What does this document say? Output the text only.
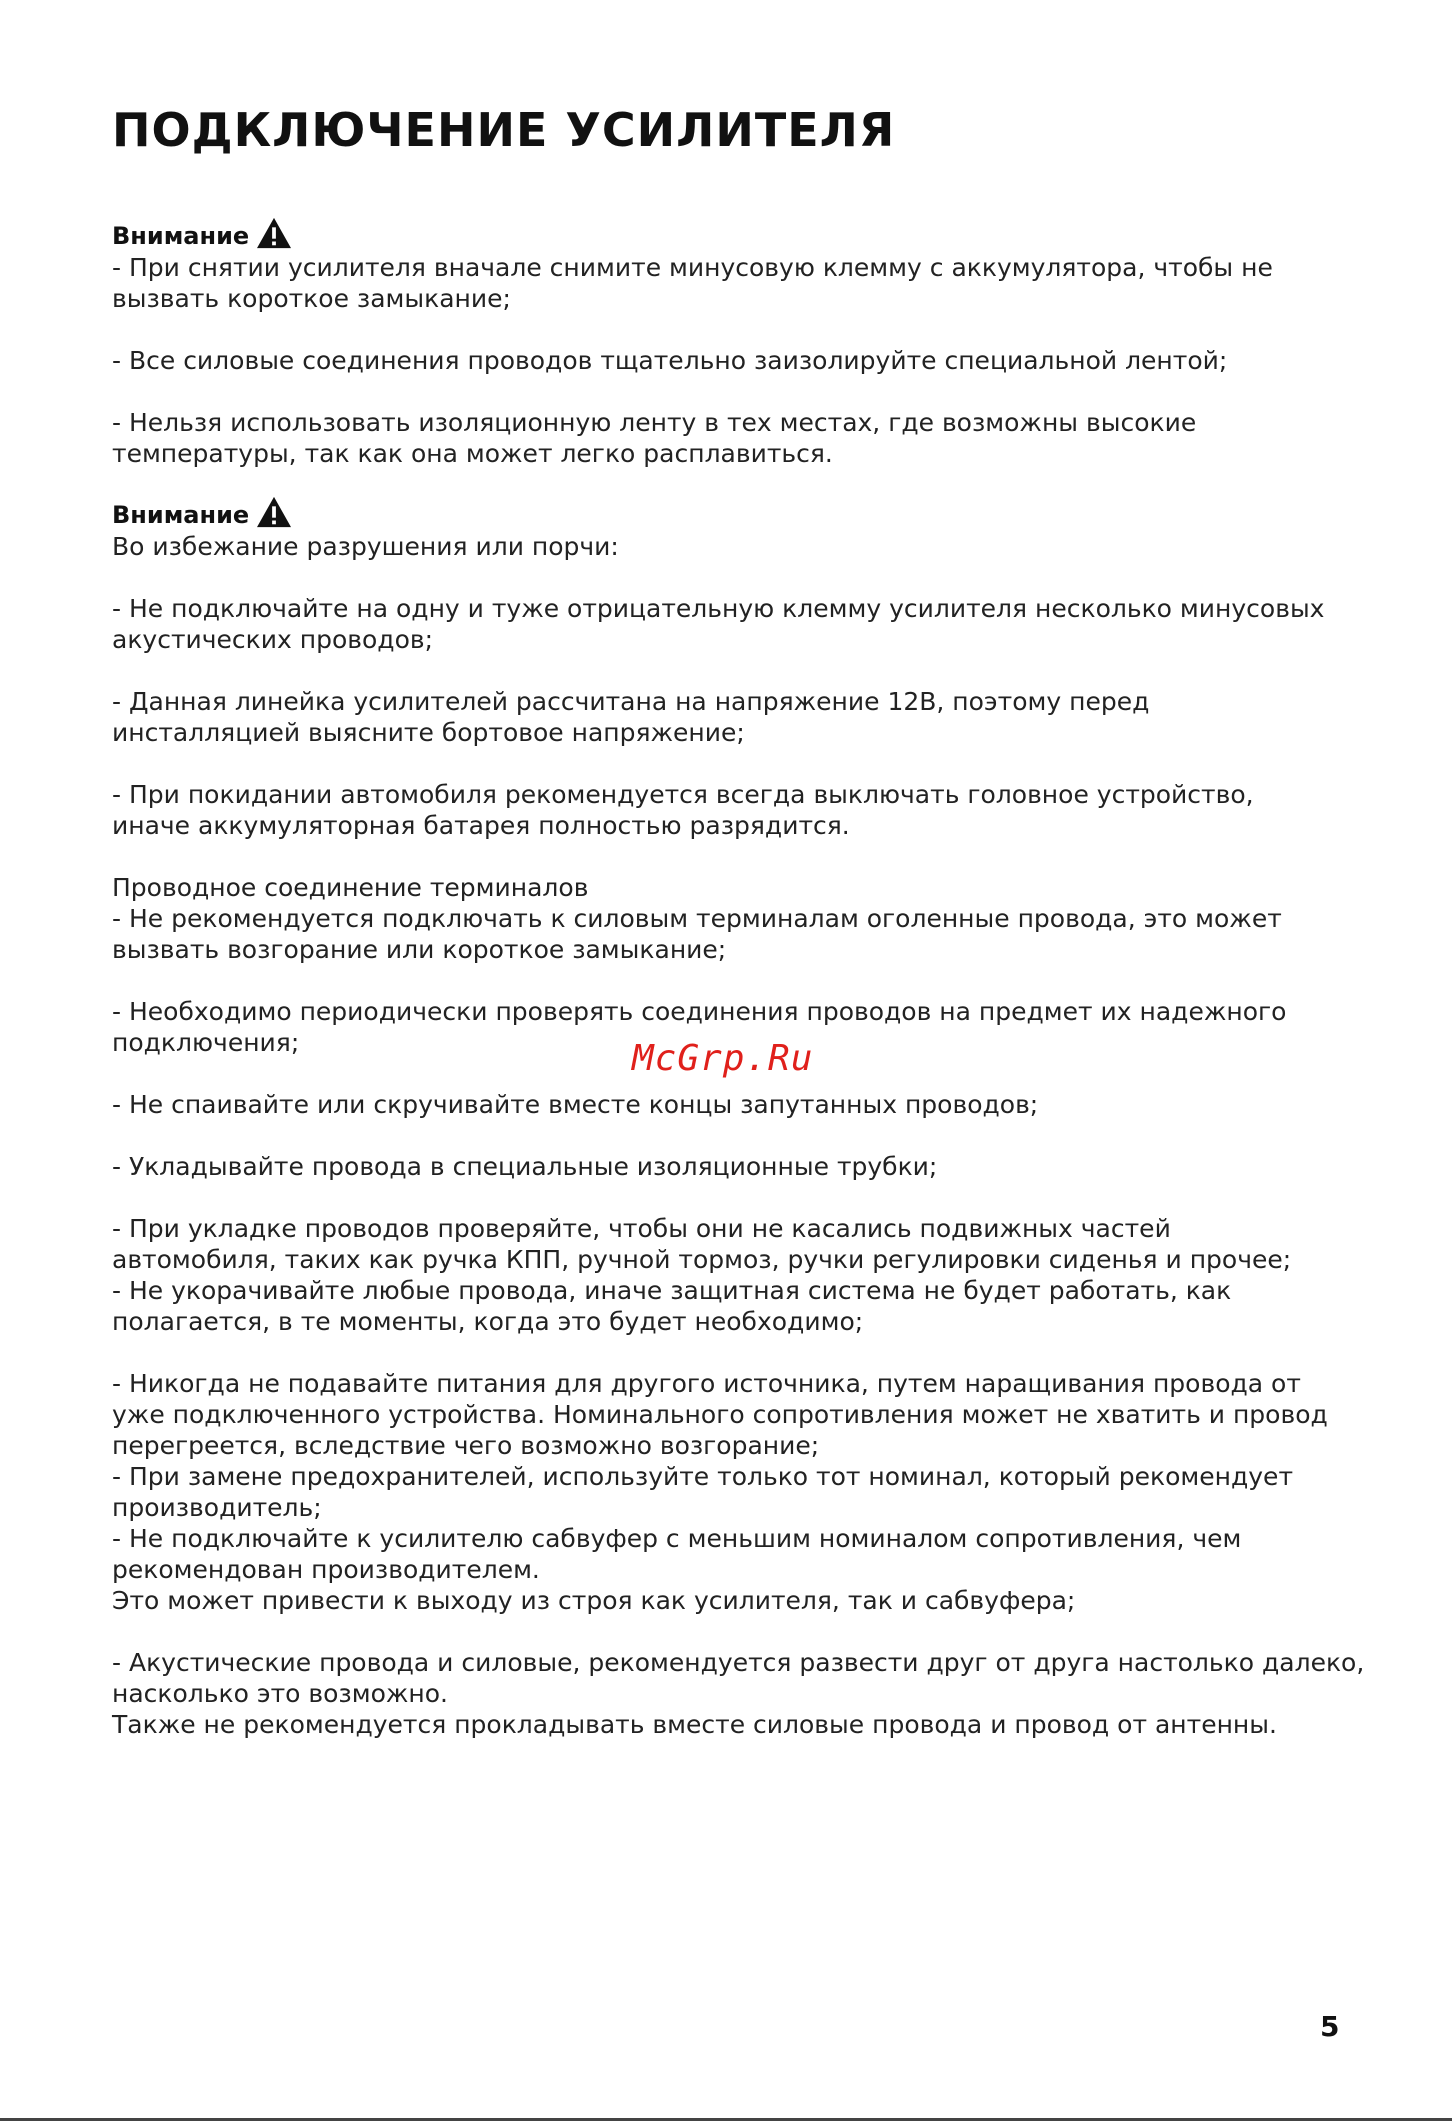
ПОДКЛЮЧЕНИЕ УСИЛИТЕЛЯ
Внимание

- При снятии усилителя вначале снимите минусовую клемму с аккумулятора, чтобы не

вызвать короткое замыкание;

- Все силовые соединения проводов тщательно заизолируйте специальной лентой;

- Нельзя использовать изоляционную ленту в тех местах, где возможны высокие

температуры, так как она может легко расплавиться.

Внимание

Во избежание разрушения или порчи:

- Не подключайте на одну и туже отрицательную клемму усилителя несколько минусовых

акустических проводов;

- Данная линейка усилителей рассчитана на напряжение 12В, поэтому перед

инсталляцией выясните бортовое напряжение;

- При покидании автомобиля рекомендуется всегда выключать головное устройство,

иначе аккумуляторная батарея полностью разрядится.

Проводное соединение терминалов

- Не рекомендуется подключать к силовым терминалам оголенные провода, это может

вызвать возгорание или короткое замыкание;

- Необходимо периодически проверять соединения проводов на предмет их надежного

подключения;

- Не спаивайте или скручивайте вместе концы запутанных проводов;

- Укладывайте провода в специальные изоляционные трубки;

- При укладке проводов проверяйте, чтобы они не касались подвижных частей

автомобиля, таких как ручка КПП, ручной тормоз, ручки регулировки сиденья и прочее;

- Не укорачивайте любые провода, иначе защитная система не будет работать, как

полагается, в те моменты, когда это будет необходимо;

- Никогда не подавайте питания для другого источника, путем наращивания провода от

уже подключенного устройства. Номинального сопротивления может не хватить и провод

перегреется, вследствие чего возможно возгорание;

- При замене предохранителей, используйте только тот номинал, который рекомендует

производитель;

- Не подключайте к усилителю сабвуфер с меньшим номиналом сопротивления, чем

рекомендован производителем.

Это может привести к выходу из строя как усилителя, так и сабвуфера;

- Акустические провода и силовые, рекомендуется развести друг от друга настолько далеко,

насколько это возможно.

Также не рекомендуется прокладывать вместе силовые провода и провод от антенны.

McGrp.Ru

5
